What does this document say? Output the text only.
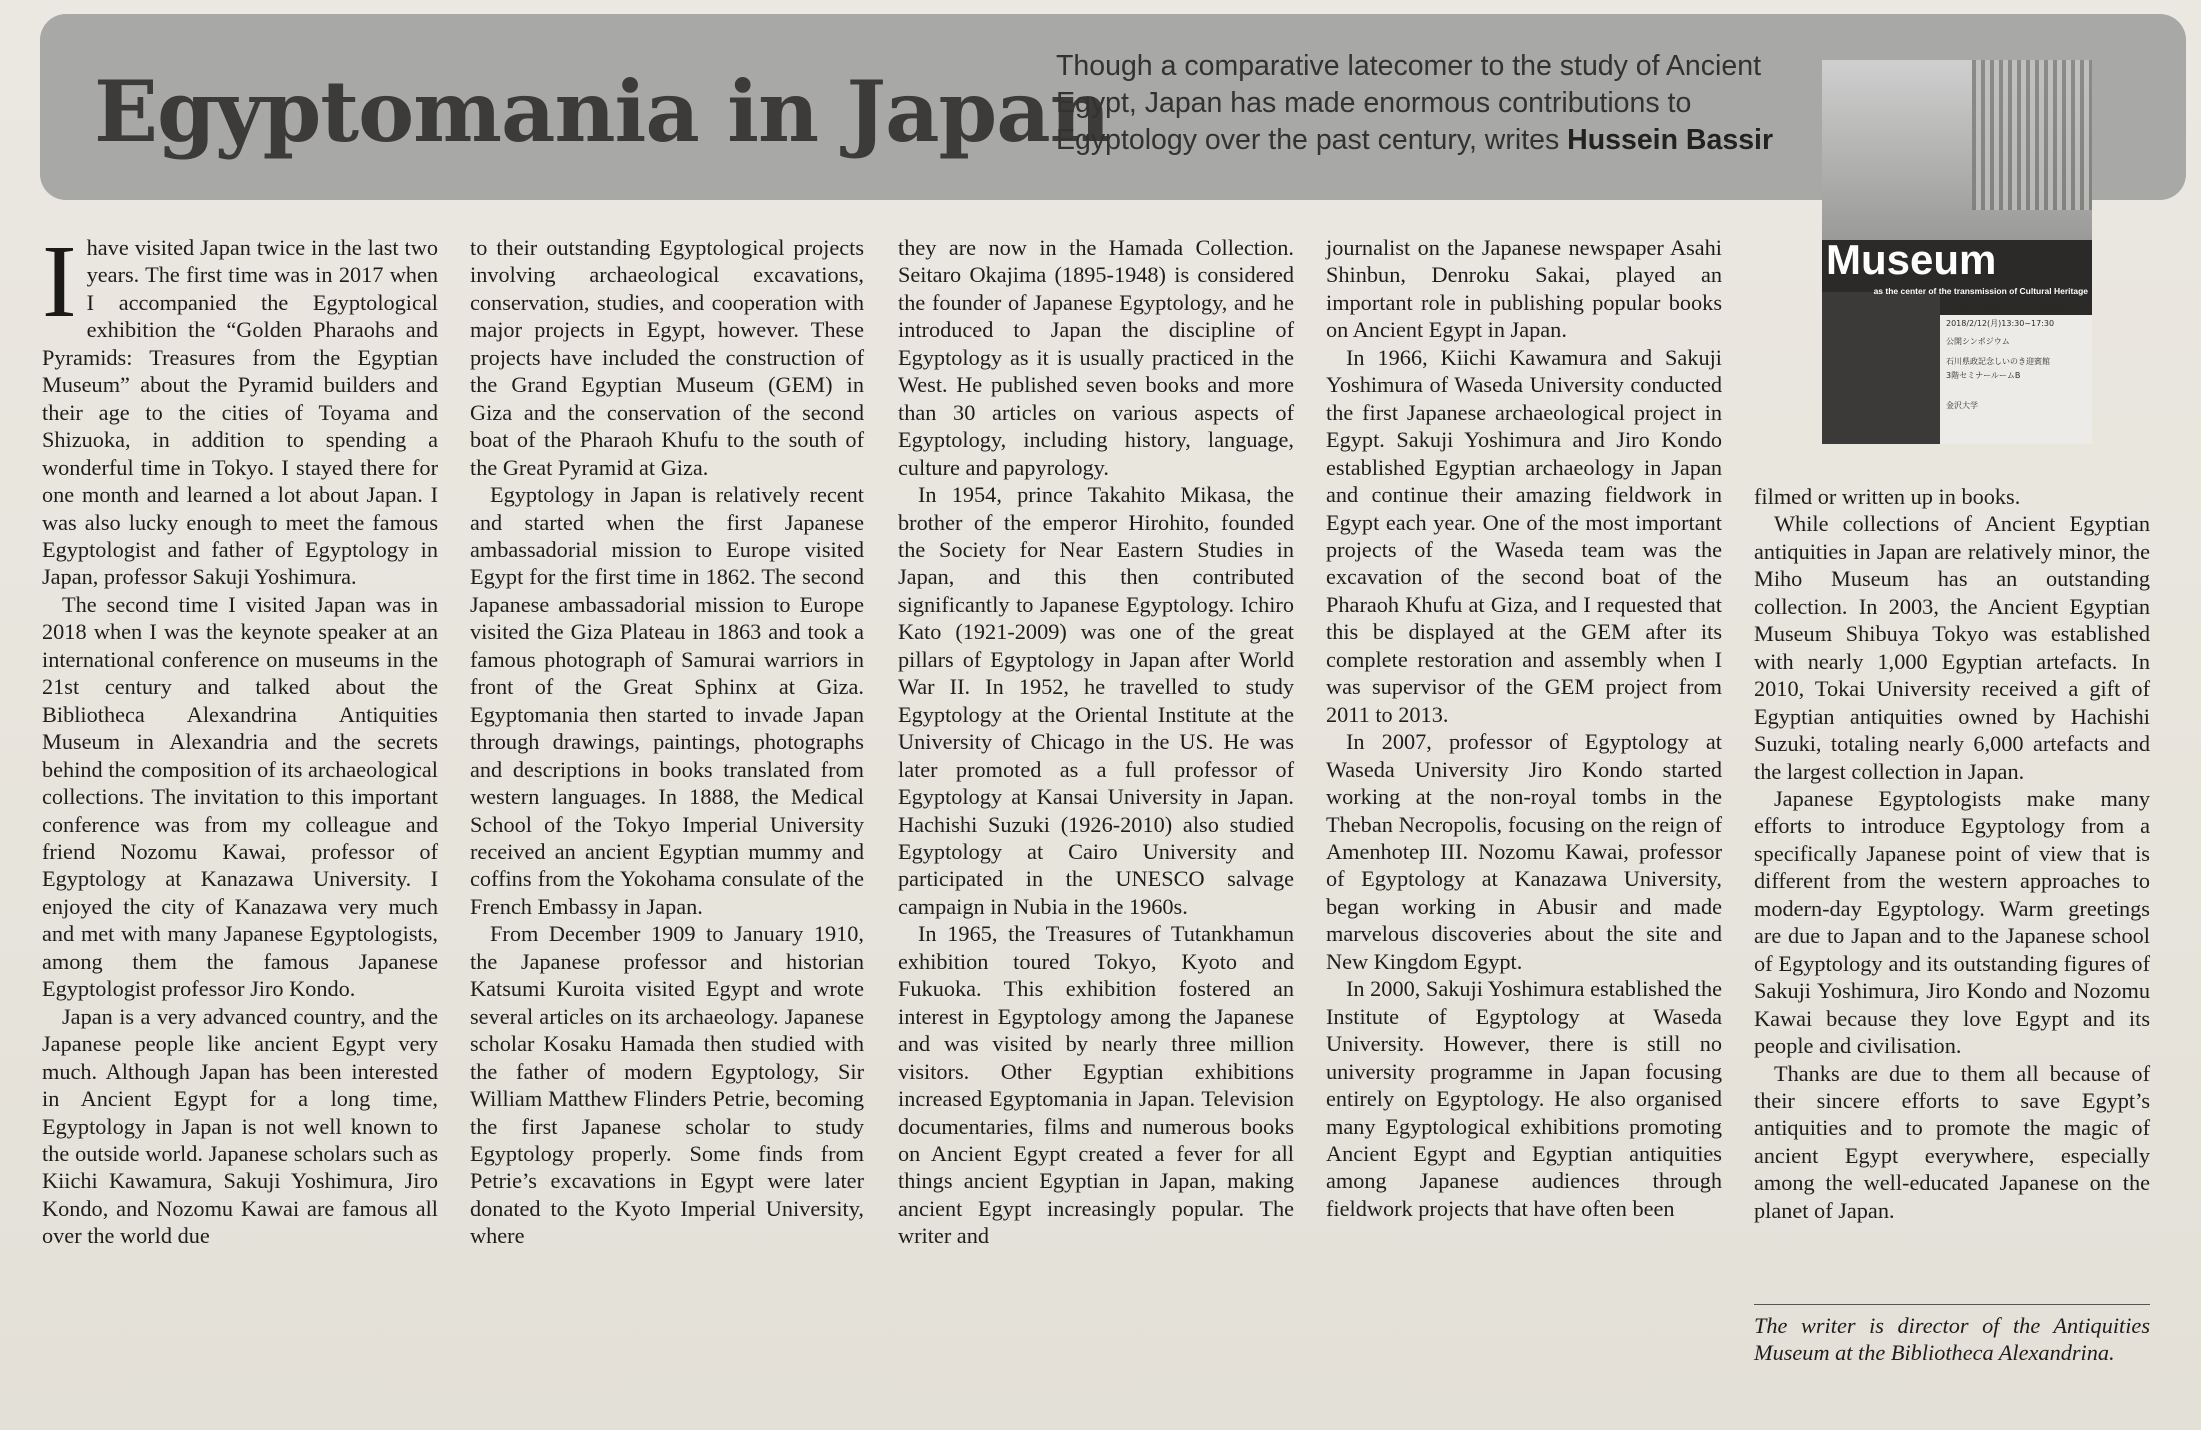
Egyptomania in Japan
Though a comparative latecomer to the study of Ancient Egypt, Japan has made enormous contributions to Egyptology over the past century, writes Hussein Bassir
Museum
as the center of the transmission of Cultural Heritage
化遺産の伝承拠点としての博物館
2018/2/12(月)13:30~17:30
公開シンポジウム
石川県政記念しいのき迎賓館
3階セミナールームB
金沢大学

Ihave visited Japan twice in the last two years. The first time was in 2017 when I accompanied the Egyptological exhibition the “Golden Pharaohs and Pyramids: Treasures from the Egyptian Museum” about the Pyramid builders and their age to the cities of Toyama and Shizuoka, in addition to spending a wonderful time in Tokyo. I stayed there for one month and learned a lot about Japan. I was also lucky enough to meet the famous Egyptologist and father of Egyptology in Japan, professor Sakuji Yoshimura.

The second time I visited Japan was in 2018 when I was the keynote speaker at an international conference on museums in the 21st century and talked about the Bibliotheca Alexandrina Antiquities Museum in Alexandria and the secrets behind the composition of its archaeological collections. The invitation to this important conference was from my colleague and friend Nozomu Kawai, professor of Egyptology at Kanazawa University. I enjoyed the city of Kanazawa very much and met with many Japanese Egyptologists, among them the famous Japanese Egyptologist professor Jiro Kondo.

Japan is a very advanced country, and the Japanese people like ancient Egypt very much. Although Japan has been interested in Ancient Egypt for a long time, Egyptology in Japan is not well known to the outside world. Japanese scholars such as Kiichi Kawamura, Sakuji Yoshimura, Jiro Kondo, and Nozomu Kawai are famous all over the world due

to their outstanding Egyptological projects involving archaeological excavations, conservation, studies, and cooperation with major projects in Egypt, however. These projects have included the construction of the Grand Egyptian Museum (GEM) in Giza and the conservation of the second boat of the Pharaoh Khufu to the south of the Great Pyramid at Giza.

Egyptology in Japan is relatively recent and started when the first Japanese ambassadorial mission to Europe visited Egypt for the first time in 1862. The second Japanese ambassadorial mission to Europe visited the Giza Plateau in 1863 and took a famous photograph of Samurai warriors in front of the Great Sphinx at Giza. Egyptomania then started to invade Japan through drawings, paintings, photographs and descriptions in books translated from western languages. In 1888, the Medical School of the Tokyo Imperial University received an ancient Egyptian mummy and coffins from the Yokohama consulate of the French Embassy in Japan.

From December 1909 to January 1910, the Japanese professor and historian Katsumi Kuroita visited Egypt and wrote several articles on its archaeology. Japanese scholar Kosaku Hamada then studied with the father of modern Egyptology, Sir William Matthew Flinders Petrie, becoming the first Japanese scholar to study Egyptology properly. Some finds from Petrie’s excavations in Egypt were later donated to the Kyoto Imperial University, where

they are now in the Hamada Collection. Seitaro Okajima (1895-1948) is considered the founder of Japanese Egyptology, and he introduced to Japan the discipline of Egyptology as it is usually practiced in the West. He published seven books and more than 30 articles on various aspects of Egyptology, including history, language, culture and papyrology.

In 1954, prince Takahito Mikasa, the brother of the emperor Hirohito, founded the Society for Near Eastern Studies in Japan, and this then contributed significantly to Japanese Egyptology. Ichiro Kato (1921-2009) was one of the great pillars of Egyptology in Japan after World War II. In 1952, he travelled to study Egyptology at the Oriental Institute at the University of Chicago in the US. He was later promoted as a full professor of Egyptology at Kansai University in Japan. Hachishi Suzuki (1926-2010) also studied Egyptology at Cairo University and participated in the UNESCO salvage campaign in Nubia in the 1960s.

In 1965, the Treasures of Tutankhamun exhibition toured Tokyo, Kyoto and Fukuoka. This exhibition fostered an interest in Egyptology among the Japanese and was visited by nearly three million visitors. Other Egyptian exhibitions increased Egyptomania in Japan. Television documentaries, films and numerous books on Ancient Egypt created a fever for all things ancient Egyptian in Japan, making ancient Egypt increasingly popular. The writer and

journalist on the Japanese newspaper Asahi Shinbun, Denroku Sakai, played an important role in publishing popular books on Ancient Egypt in Japan.

In 1966, Kiichi Kawamura and Sakuji Yoshimura of Waseda University conducted the first Japanese archaeological project in Egypt. Sakuji Yoshimura and Jiro Kondo established Egyptian archaeology in Japan and continue their amazing fieldwork in Egypt each year. One of the most important projects of the Waseda team was the excavation of the second boat of the Pharaoh Khufu at Giza, and I requested that this be displayed at the GEM after its complete restoration and assembly when I was supervisor of the GEM project from 2011 to 2013.

In 2007, professor of Egyptology at Waseda University Jiro Kondo started working at the non-royal tombs in the Theban Necropolis, focusing on the reign of Amenhotep III. Nozomu Kawai, professor of Egyptology at Kanazawa University, began working in Abusir and made marvelous discoveries about the site and New Kingdom Egypt.

In 2000, Sakuji Yoshimura established the Institute of Egyptology at Waseda University. However, there is still no university programme in Japan focusing entirely on Egyptology. He also organised many Egyptological exhibitions promoting Ancient Egypt and Egyptian antiquities among Japanese audiences through fieldwork projects that have often been

filmed or written up in books.

While collections of Ancient Egyptian antiquities in Japan are relatively minor, the Miho Museum has an outstanding collection. In 2003, the Ancient Egyptian Museum Shibuya Tokyo was established with nearly 1,000 Egyptian artefacts. In 2010, Tokai University received a gift of Egyptian antiquities owned by Hachishi Suzuki, totaling nearly 6,000 artefacts and the largest collection in Japan.

Japanese Egyptologists make many efforts to introduce Egyptology from a specifically Japanese point of view that is different from the western approaches to modern-day Egyptology. Warm greetings are due to Japan and to the Japanese school of Egyptology and its outstanding figures of Sakuji Yoshimura, Jiro Kondo and Nozomu Kawai because they love Egypt and its people and civilisation.

Thanks are due to them all because of their sincere efforts to save Egypt’s antiquities and to promote the magic of ancient Egypt everywhere, especially among the well-educated Japanese on the planet of Japan.

The writer is director of the Antiquities Museum at the Bibliotheca Alexandrina.
